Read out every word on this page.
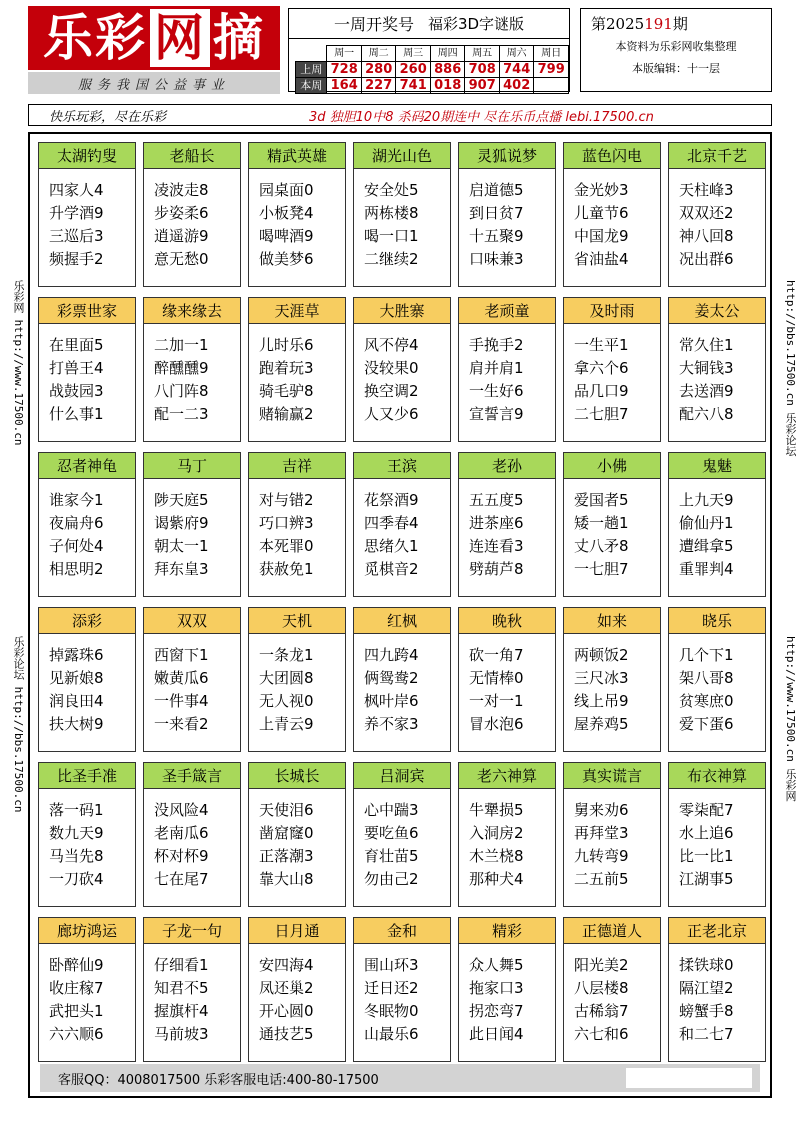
乐彩 网 摘
服务我国公益事业
一周开奖号 福彩3D字谜版
	周一	周二	周三	周四	周五	周六	周日
上周	728	280	260	886	708	744	799
本周	164	227	741	018	907	402	
第2025191期
本资料为乐彩网收集整理
本版编辑：十一层
快乐玩彩，尽在乐彩	3d 独胆10中8 杀码20期连中 尽在乐币点播 lebi.17500.cn
乐彩网 http://www.17500.cn
乐彩论坛 http://bbs.17500.cn
http://bbs.17500.cn 乐彩论坛
http://www.17500.cn 乐彩网
太湖钓叟
四家人4
升学酒9
三巡后3
频握手2
老船长
凌波走8
步姿柔6
逍遥游9
意无愁0
精武英雄
园桌面0
小板凳4
喝啤酒9
做美梦6
湖光山色
安全处5
两栋楼8
喝一口1
二继续2
灵狐说梦
启道德5
到日贫7
十五聚9
口味兼3
蓝色闪电
金光妙3
儿童节6
中国龙9
省油盐4
北京千艺
天柱峰3
双双还2
神八回8
况出群6
彩票世家
在里面5
打兽王4
战鼓园3
什么事1
缘来缘去
二加一1
醉醺醺9
八门阵8
配一二3
天涯草
儿时乐6
跑着玩3
骑毛驴8
赌输赢2
大胜寨
风不停4
没较果0
换空调2
人又少6
老顽童
手挽手2
肩并肩1
一生好6
宣誓言9
及时雨
一生平1
拿六个6
品几口9
二七胆7
姜太公
常久住1
大铜钱3
去送酒9
配六八8
忍者神龟
谁家今1
夜扁舟6
子何处4
相思明2
马丁
陟天庭5
谒紫府9
朝太一1
拜东皇3
吉祥
对与错2
巧口辨3
本死罪0
获赦免1
王滨
花祭酒9
四季春4
思绪久1
觅棋音2
老孙
五五度5
进茶座6
连连看3
劈葫芦8
小佛
爱国者5
矮一趟1
丈八矛8
一七胆7
鬼魅
上九天9
偷仙丹1
遭缉拿5
重罪判4
添彩
掉露珠6
见新娘8
润良田4
扶大树9
双双
西窗下1
嫩黄瓜6
一件事4
一来看2
天机
一条龙1
大团圆8
无人视0
上青云9
红枫
四九跨4
俩鸳鸯2
枫叶岸6
养不家3
晚秋
砍一角7
无情棒0
一对一1
冒水泡6
如来
两顿饭2
三尺冰3
线上吊9
屋养鸡5
晓乐
几个下1
架八哥8
贫寒庶0
爱下蛋6
比圣手准
落一码1
数九天9
马当先8
一刀砍4
圣手箴言
没风险4
老南瓜6
杯对杯9
七在尾7
长城长
天使泪6
凿窟窿0
正落潮3
靠大山8
吕洞宾
心中踹3
要吃鱼6
育壮苗5
勿由己2
老六神算
牛犟损5
入洞房2
木兰桡8
那种犬4
真实谎言
舅来劝6
再拜堂3
九转弯9
二五前5
布衣神算
零柒配7
水上追6
比一比1
江湖事5
廊坊鸿运
卧醉仙9
收庄稼7
武把头1
六六顺6
子龙一句
仔细看1
知君不5
握旗杆4
马前坡3
日月通
安四海4
凤还巢2
开心圆0
通技艺5
金和
围山环3
迁日还2
冬眠物0
山最乐6
精彩
众人舞5
拖家口3
拐恋弯7
此日闻4
正德道人
阳光美2
八层楼8
古稀翁7
六七和6
正老北京
揉铁球0
隔江望2
螃蟹手8
和二七7
客服QQ：4008017500 乐彩客服电话:400-80-17500
